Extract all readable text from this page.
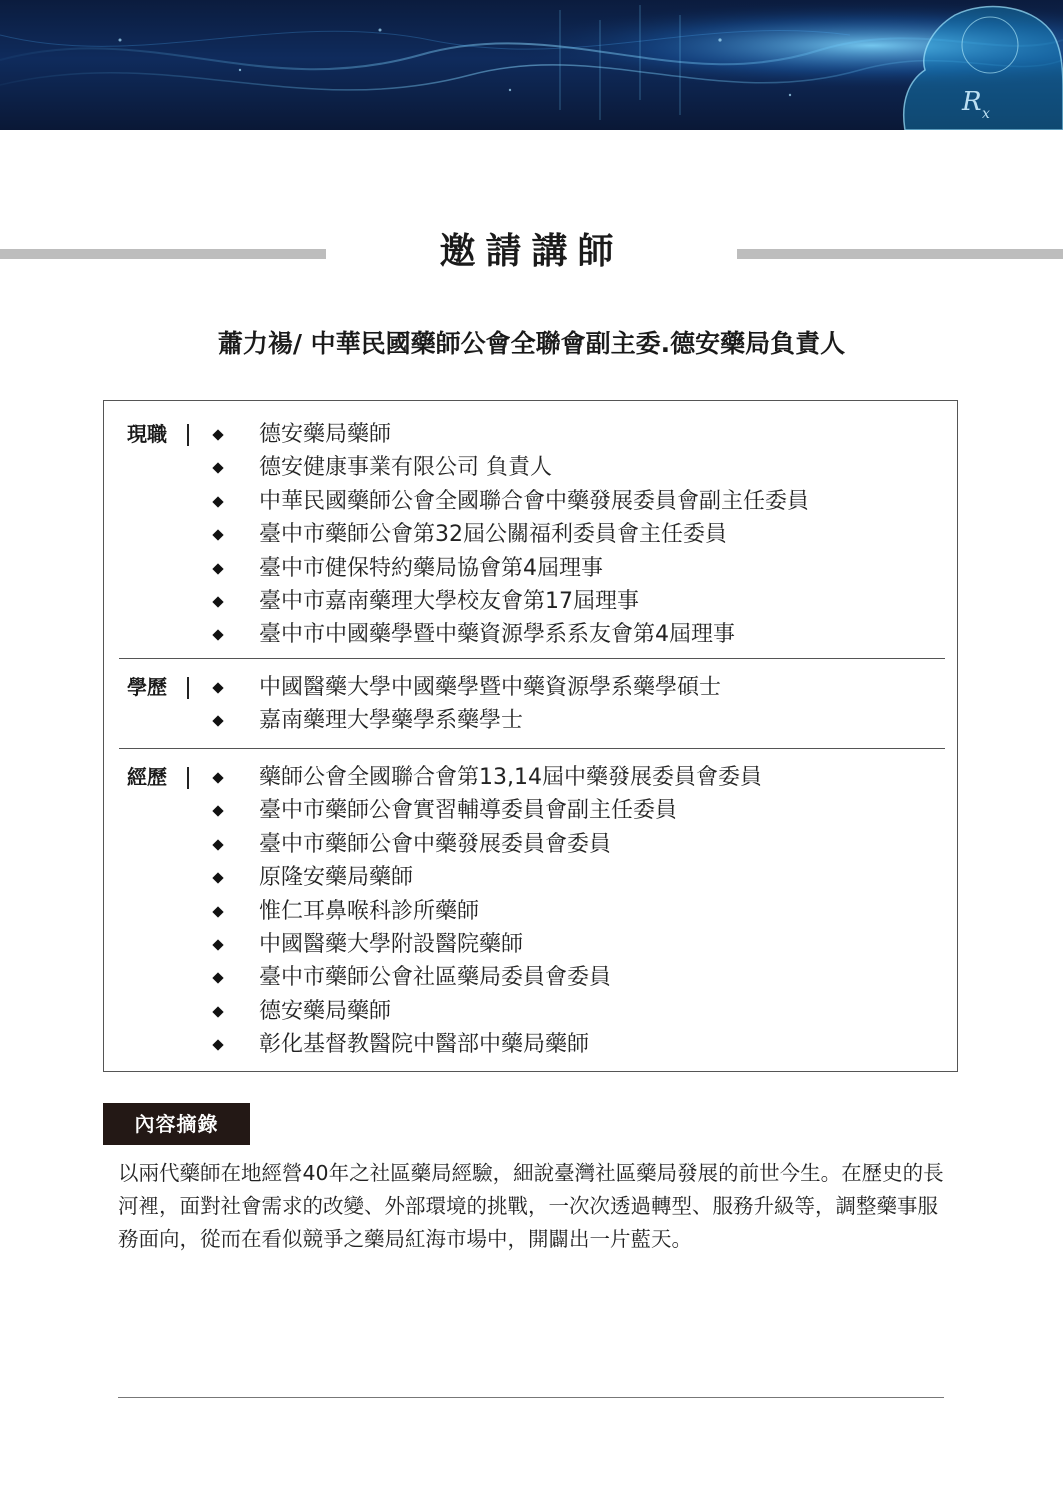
R x
邀請講師
蕭力禓/ 中華民國藥師公會全聯會副主委.德安藥局負責人
現職	德安藥局藥師
德安健康事業有限公司 負責人
中華民國藥師公會全國聯合會中藥發展委員會副主任委員
臺中市藥師公會第32屆公關福利委員會主任委員
臺中市健保特約藥局協會第4屆理事
臺中市嘉南藥理大學校友會第17屆理事
臺中市中國藥學暨中藥資源學系系友會第4屆理事
學歷	中國醫藥大學中國藥學暨中藥資源學系藥學碩士
嘉南藥理大學藥學系藥學士
經歷	藥師公會全國聯合會第13,14屆中藥發展委員會委員
臺中市藥師公會實習輔導委員會副主任委員
臺中市藥師公會中藥發展委員會委員
原隆安藥局藥師
惟仁耳鼻喉科診所藥師
中國醫藥大學附設醫院藥師
臺中市藥師公會社區藥局委員會委員
德安藥局藥師
彰化基督教醫院中醫部中藥局藥師
內容摘錄
以兩代藥師在地經營40年之社區藥局經驗，細說臺灣社區藥局發展的前世今生。在歷史的長河裡，面對社會需求的改變、外部環境的挑戰，一次次透過轉型、服務升級等，調整藥事服務面向，從而在看似競爭之藥局紅海市場中，開闢出一片藍天。
